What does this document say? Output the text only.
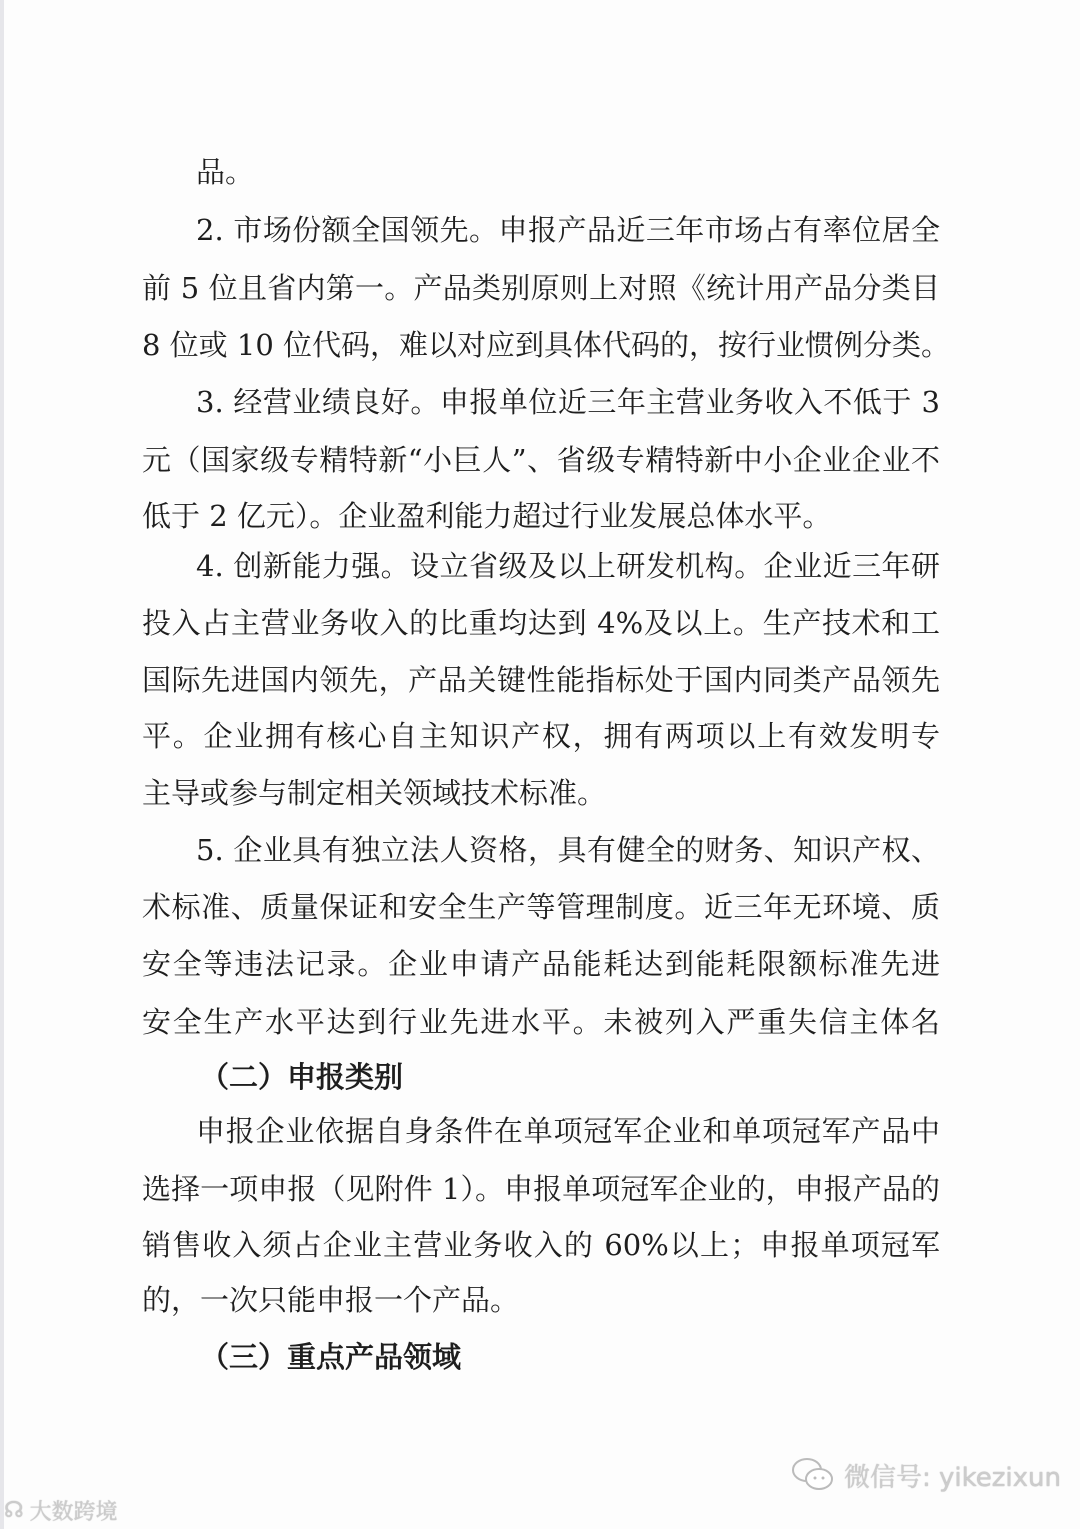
品。
2. 市场份额全国领先。申报产品近三年市场占有率位居全
前 5 位且省内第一。产品类别原则上对照《统计用产品分类目
8 位或 10 位代码，难以对应到具体代码的，按行业惯例分类。
3. 经营业绩良好。申报单位近三年主营业务收入不低于 3
元（国家级专精特新“小巨人”、省级专精特新中小企业企业不
低于 2 亿元）。企业盈利能力超过行业发展总体水平。
4. 创新能力强。设立省级及以上研发机构。企业近三年研
投入占主营业务收入的比重均达到 4%及以上。生产技术和工
国际先进国内领先，产品关键性能指标处于国内同类产品领先
平。企业拥有核心自主知识产权，拥有两项以上有效发明专
主导或参与制定相关领域技术标准。
5. 企业具有独立法人资格，具有健全的财务、知识产权、
术标准、质量保证和安全生产等管理制度。近三年无环境、质
安全等违法记录。企业申请产品能耗达到能耗限额标准先进
安全生产水平达到行业先进水平。未被列入严重失信主体名
（二）申报类别
申报企业依据自身条件在单项冠军企业和单项冠军产品中
选择一项申报（见附件 1）。申报单项冠军企业的，申报产品的
销售收入须占企业主营业务收入的 60%以上；申报单项冠军
的，一次只能申报一个产品。
（三）重点产品领域
微信号: yikezixun
☊ 大数跨境
